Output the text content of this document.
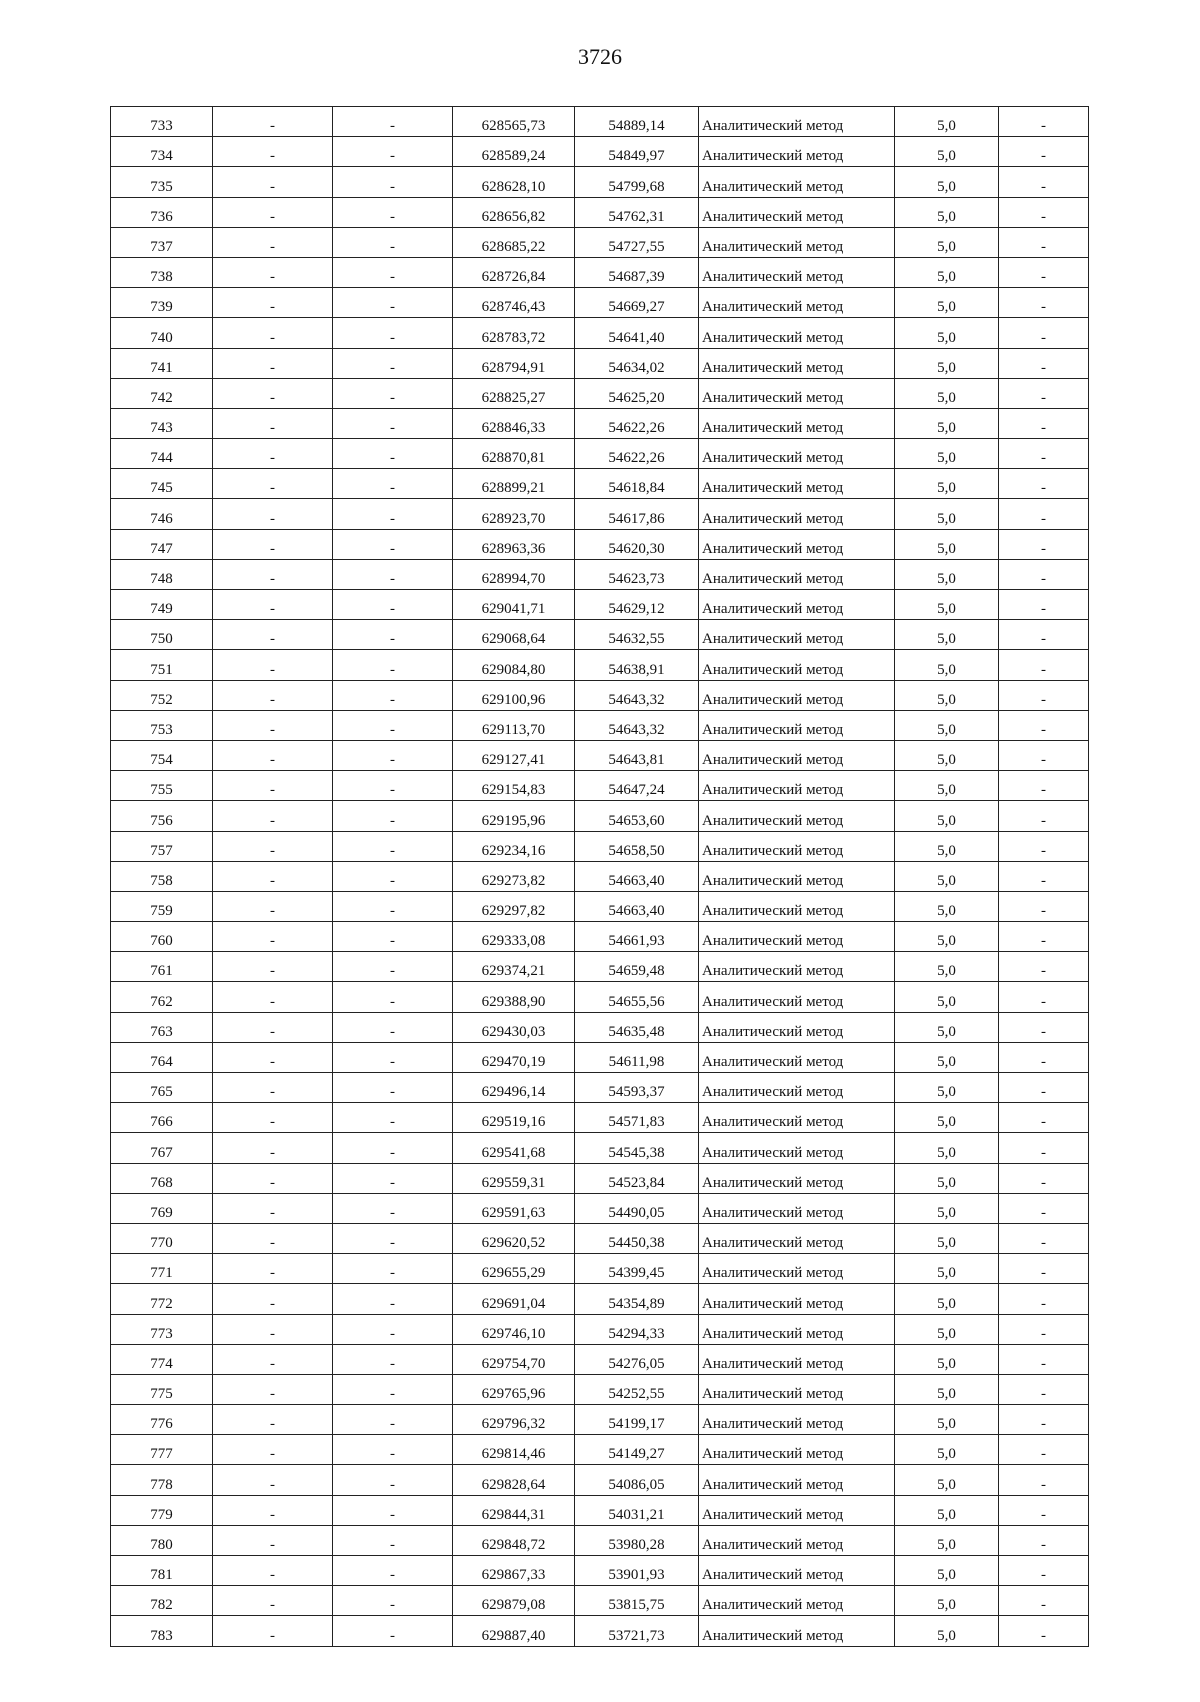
3726
733	-	-	628565,73	54889,14	Аналитический метод	5,0	-
734	-	-	628589,24	54849,97	Аналитический метод	5,0	-
735	-	-	628628,10	54799,68	Аналитический метод	5,0	-
736	-	-	628656,82	54762,31	Аналитический метод	5,0	-
737	-	-	628685,22	54727,55	Аналитический метод	5,0	-
738	-	-	628726,84	54687,39	Аналитический метод	5,0	-
739	-	-	628746,43	54669,27	Аналитический метод	5,0	-
740	-	-	628783,72	54641,40	Аналитический метод	5,0	-
741	-	-	628794,91	54634,02	Аналитический метод	5,0	-
742	-	-	628825,27	54625,20	Аналитический метод	5,0	-
743	-	-	628846,33	54622,26	Аналитический метод	5,0	-
744	-	-	628870,81	54622,26	Аналитический метод	5,0	-
745	-	-	628899,21	54618,84	Аналитический метод	5,0	-
746	-	-	628923,70	54617,86	Аналитический метод	5,0	-
747	-	-	628963,36	54620,30	Аналитический метод	5,0	-
748	-	-	628994,70	54623,73	Аналитический метод	5,0	-
749	-	-	629041,71	54629,12	Аналитический метод	5,0	-
750	-	-	629068,64	54632,55	Аналитический метод	5,0	-
751	-	-	629084,80	54638,91	Аналитический метод	5,0	-
752	-	-	629100,96	54643,32	Аналитический метод	5,0	-
753	-	-	629113,70	54643,32	Аналитический метод	5,0	-
754	-	-	629127,41	54643,81	Аналитический метод	5,0	-
755	-	-	629154,83	54647,24	Аналитический метод	5,0	-
756	-	-	629195,96	54653,60	Аналитический метод	5,0	-
757	-	-	629234,16	54658,50	Аналитический метод	5,0	-
758	-	-	629273,82	54663,40	Аналитический метод	5,0	-
759	-	-	629297,82	54663,40	Аналитический метод	5,0	-
760	-	-	629333,08	54661,93	Аналитический метод	5,0	-
761	-	-	629374,21	54659,48	Аналитический метод	5,0	-
762	-	-	629388,90	54655,56	Аналитический метод	5,0	-
763	-	-	629430,03	54635,48	Аналитический метод	5,0	-
764	-	-	629470,19	54611,98	Аналитический метод	5,0	-
765	-	-	629496,14	54593,37	Аналитический метод	5,0	-
766	-	-	629519,16	54571,83	Аналитический метод	5,0	-
767	-	-	629541,68	54545,38	Аналитический метод	5,0	-
768	-	-	629559,31	54523,84	Аналитический метод	5,0	-
769	-	-	629591,63	54490,05	Аналитический метод	5,0	-
770	-	-	629620,52	54450,38	Аналитический метод	5,0	-
771	-	-	629655,29	54399,45	Аналитический метод	5,0	-
772	-	-	629691,04	54354,89	Аналитический метод	5,0	-
773	-	-	629746,10	54294,33	Аналитический метод	5,0	-
774	-	-	629754,70	54276,05	Аналитический метод	5,0	-
775	-	-	629765,96	54252,55	Аналитический метод	5,0	-
776	-	-	629796,32	54199,17	Аналитический метод	5,0	-
777	-	-	629814,46	54149,27	Аналитический метод	5,0	-
778	-	-	629828,64	54086,05	Аналитический метод	5,0	-
779	-	-	629844,31	54031,21	Аналитический метод	5,0	-
780	-	-	629848,72	53980,28	Аналитический метод	5,0	-
781	-	-	629867,33	53901,93	Аналитический метод	5,0	-
782	-	-	629879,08	53815,75	Аналитический метод	5,0	-
783	-	-	629887,40	53721,73	Аналитический метод	5,0	-
